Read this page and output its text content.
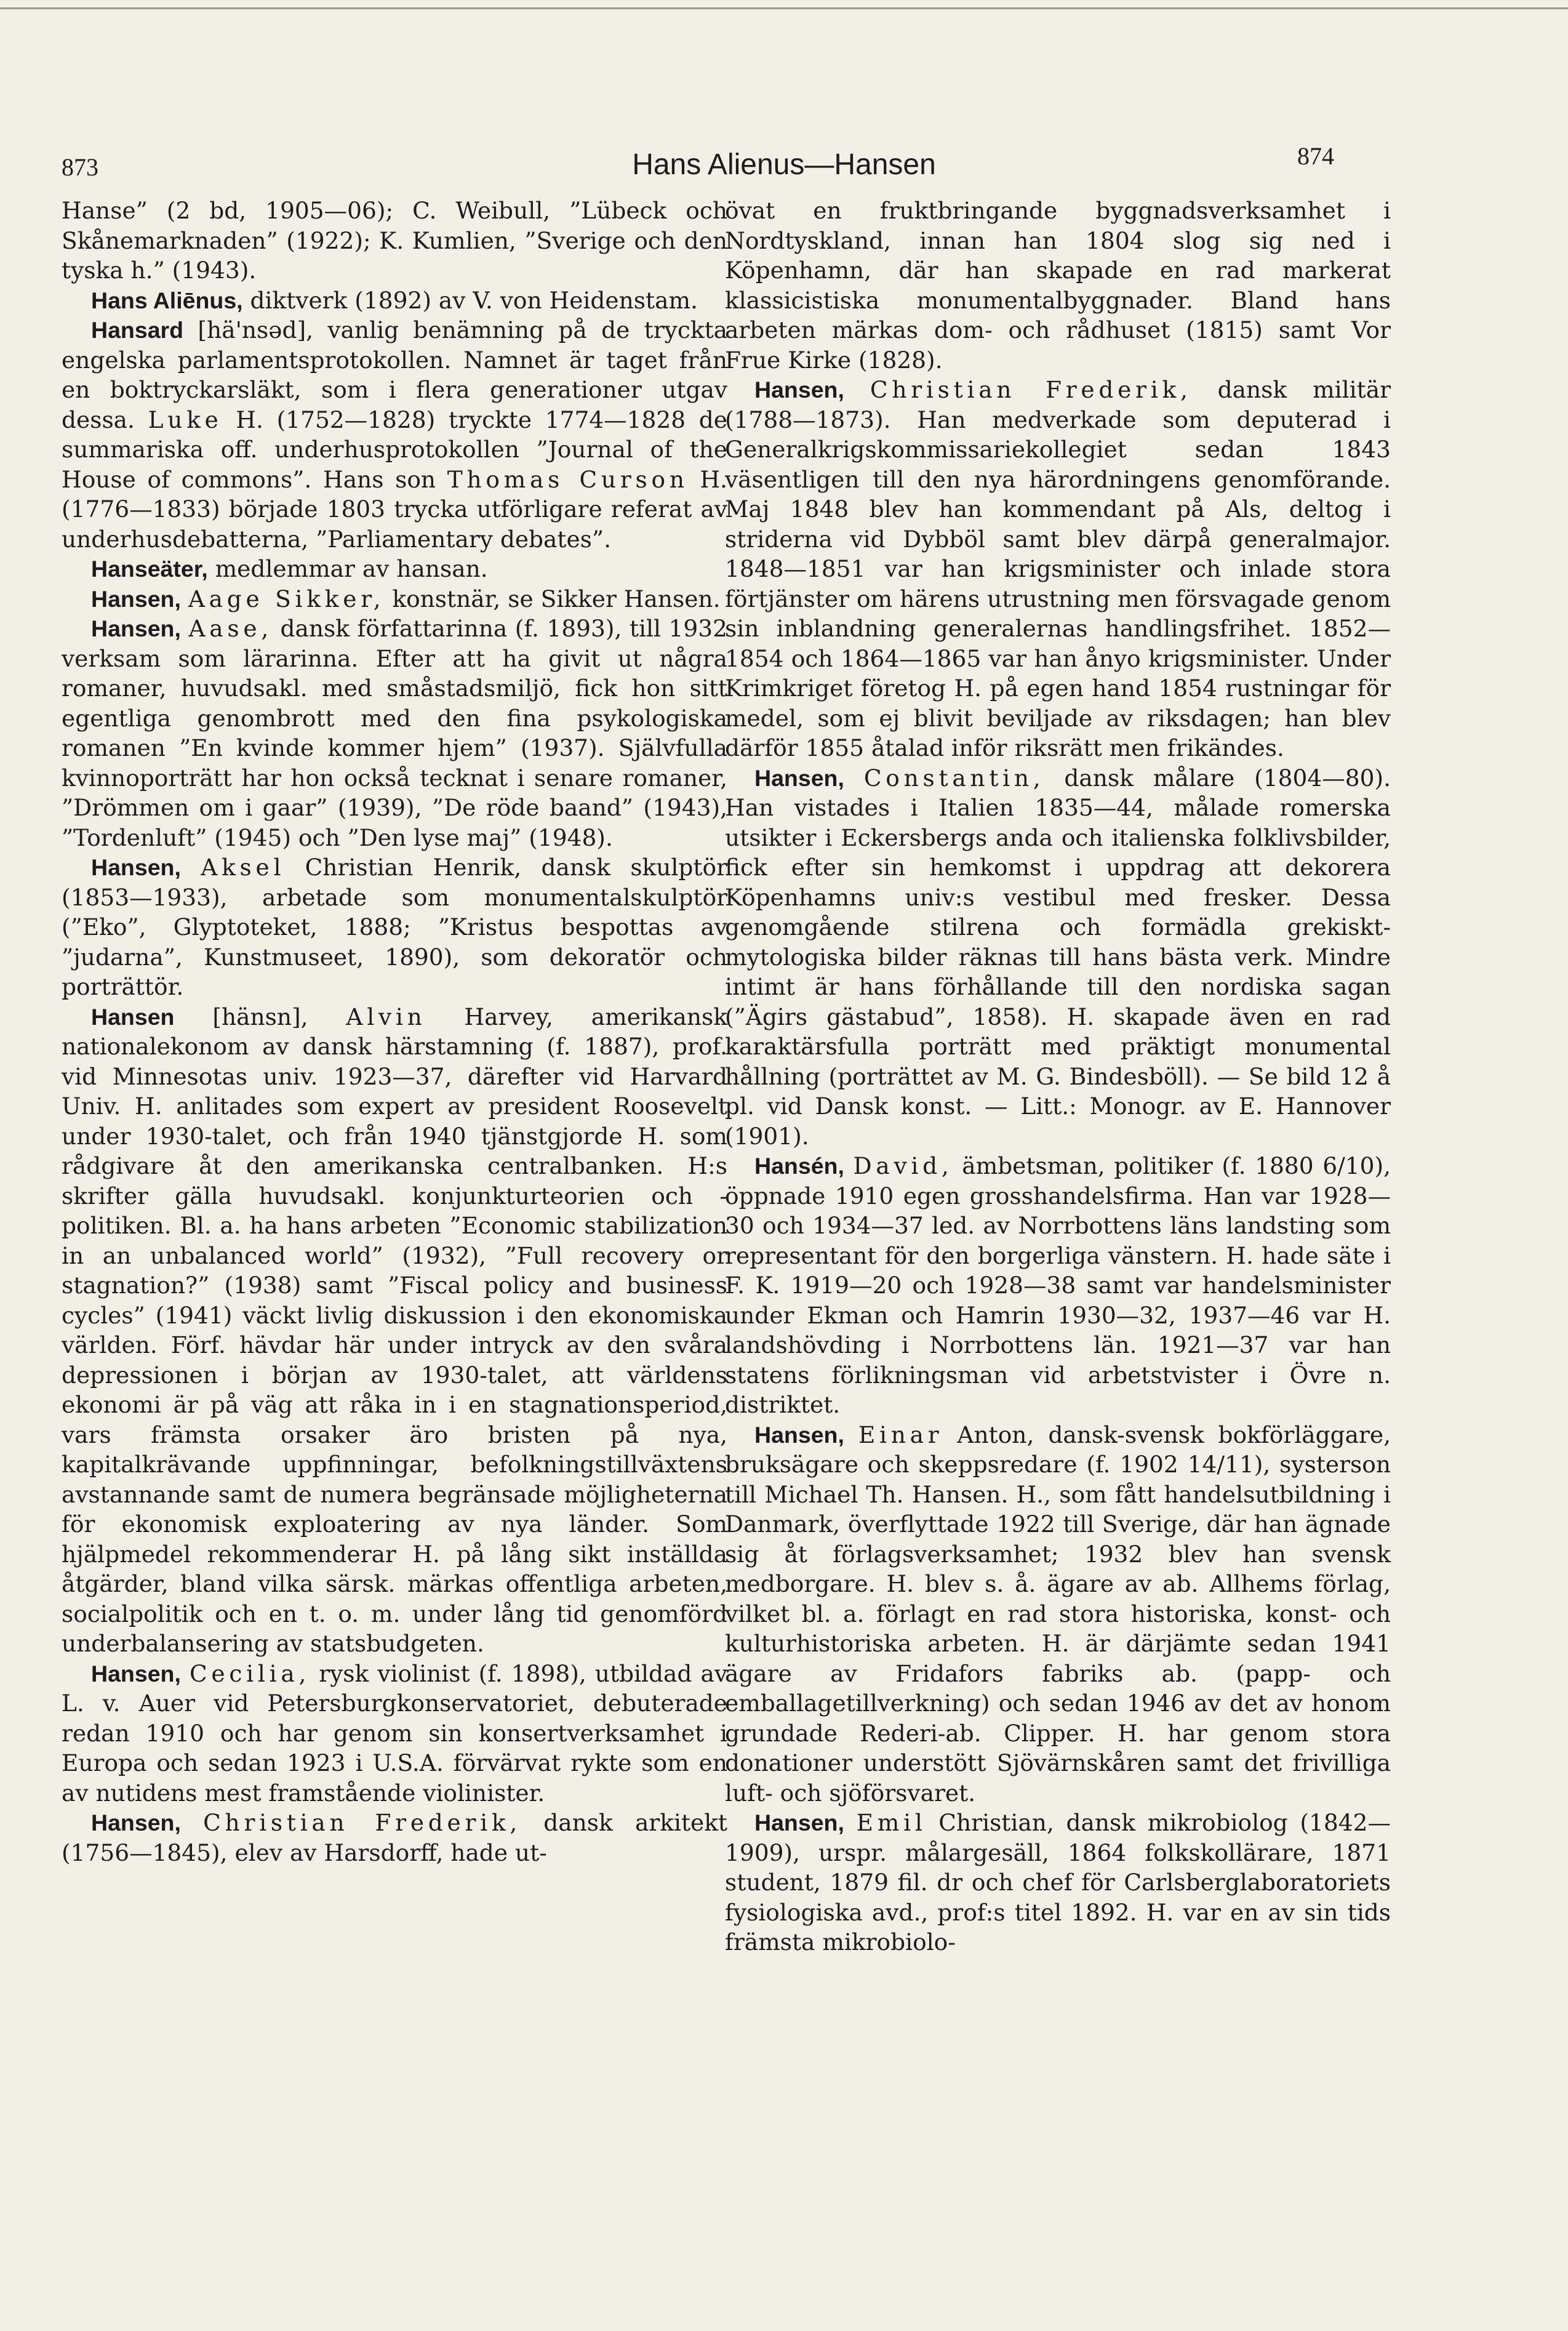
873	Hans Alienus—Hansen	874

Hanse” (2 bd, 1905—06); C. Weibull, ”Lübeck och Skånemarknaden” (1922); K. Kumlien, ”Sverige och den tyska h.” (1943).

Hans Aliēnus, diktverk (1892) av V. von Heidenstam.

Hansard [hä'nsəd], vanlig benämning på de tryckta engelska parlamentsprotokollen. Namnet är taget från en boktryckarsläkt, som i flera generationer utgav dessa. Luke H. (1752—1828) tryckte 1774—1828 de summariska off. underhusprotokollen ”Journal of the House of commons”. Hans son Thomas Curson H. (1776—1833) började 1803 trycka utförligare referat av underhusdebatterna, ”Parliamentary debates”.

Hanseäter, medlemmar av hansan.

Hansen, Aage Sikker, konstnär, se Sikker Hansen.

Hansen, Aase, dansk författarinna (f. 1893), till 1932 verksam som lärarinna. Efter att ha givit ut några romaner, huvudsakl. med småstadsmiljö, fick hon sitt egentliga genombrott med den fina psykologiska romanen ”En kvinde kommer hjem” (1937). Självfulla kvinnoporträtt har hon också tecknat i senare romaner, ”Drömmen om i gaar” (1939), ”De röde baand” (1943), ”Tordenluft” (1945) och ”Den lyse maj” (1948).

Hansen, Aksel Christian Henrik, dansk skulptör (1853—1933), arbetade som monumentalskulptör (”Eko”, Glyptoteket, 1888; ”Kristus bespottas av ”judarna”, Kunstmuseet, 1890), som dekoratör och porträttör.

Hansen [hänsn], Alvin Harvey, amerikansk nationalekonom av dansk härstamning (f. 1887), prof. vid Minnesotas univ. 1923—37, därefter vid Harvard Univ. H. anlitades som expert av president Roosevelt under 1930-talet, och från 1940 tjänstgjorde H. som rådgivare åt den amerikanska centralbanken. H:s skrifter gälla huvudsakl. konjunkturteorien och -politiken. Bl. a. ha hans arbeten ”Economic stabilization in an unbalanced world” (1932), ”Full recovery or stagnation?” (1938) samt ”Fiscal policy and business cycles” (1941) väckt livlig diskussion i den ekonomiska världen. Förf. hävdar här under intryck av den svåra depressionen i början av 1930-talet, att världens ekonomi är på väg att råka in i en stagnationsperiod, vars främsta orsaker äro bristen på nya, kapitalkrävande uppfinningar, befolkningstillväxtens avstannande samt de numera begränsade möjligheterna för ekonomisk exploatering av nya länder. Som hjälpmedel rekommenderar H. på lång sikt inställda åtgärder, bland vilka särsk. märkas offentliga arbeten, socialpolitik och en t. o. m. under lång tid genomförd underbalansering av statsbudgeten.

Hansen, Cecilia, rysk violinist (f. 1898), utbildad av L. v. Auer vid Petersburgkonservatoriet, debuterade redan 1910 och har genom sin konsertverksamhet i Europa och sedan 1923 i U.S.A. förvärvat rykte som en av nutidens mest framstående violinister.

Hansen, Christian Frederik, dansk arkitekt (1756—1845), elev av Harsdorff, hade ut-

övat en fruktbringande byggnadsverksamhet i Nordtyskland, innan han 1804 slog sig ned i Köpenhamn, där han skapade en rad markerat klassicistiska monumentalbyggnader. Bland hans arbeten märkas dom- och rådhuset (1815) samt Vor Frue Kirke (1828).

Hansen, Christian Frederik, dansk militär (1788—1873). Han medverkade som deputerad i Generalkrigskommissariekollegiet sedan 1843 väsentligen till den nya härordningens genomförande. Maj 1848 blev han kommendant på Als, deltog i striderna vid Dybböl samt blev därpå generalmajor. 1848—1851 var han krigsminister och inlade stora förtjänster om härens utrustning men försvagade genom sin inblandning generalernas handlingsfrihet. 1852—1854 och 1864—1865 var han ånyo krigsminister. Under Krimkriget företog H. på egen hand 1854 rustningar för medel, som ej blivit beviljade av riksdagen; han blev därför 1855 åtalad inför riksrätt men frikändes.

Hansen, Constantin, dansk målare (1804—80). Han vistades i Italien 1835—44, målade romerska utsikter i Eckersbergs anda och italienska folklivsbilder, fick efter sin hemkomst i uppdrag att dekorera Köpenhamns univ:s vestibul med fresker. Dessa genomgående stilrena och formädla grekiskt-mytologiska bilder räknas till hans bästa verk. Mindre intimt är hans förhållande till den nordiska sagan (”Ägirs gästabud”, 1858). H. skapade även en rad karaktärsfulla porträtt med präktigt monumental hållning (porträttet av M. G. Bindesböll). — Se bild 12 å pl. vid Dansk konst. — Litt.: Monogr. av E. Hannover (1901).

Hansén, David, ämbetsman, politiker (f. 1880 6/10), öppnade 1910 egen grosshandelsfirma. Han var 1928—30 och 1934—37 led. av Norrbottens läns landsting som representant för den borgerliga vänstern. H. hade säte i F. K. 1919—20 och 1928—38 samt var handelsminister under Ekman och Hamrin 1930—32, 1937—46 var H. landshövding i Norrbottens län. 1921—37 var han statens förlikningsman vid arbetstvister i Övre n. distriktet.

Hansen, Einar Anton, dansk-svensk bokförläggare, bruksägare och skeppsredare (f. 1902 14/11), systerson till Michael Th. Hansen. H., som fått handelsutbildning i Danmark, överflyttade 1922 till Sverige, där han ägnade sig åt förlagsverksamhet; 1932 blev han svensk medborgare. H. blev s. å. ägare av ab. Allhems förlag, vilket bl. a. förlagt en rad stora historiska, konst- och kulturhistoriska arbeten. H. är därjämte sedan 1941 ägare av Fridafors fabriks ab. (papp- och emballagetillverkning) och sedan 1946 av det av honom grundade Rederi-ab. Clipper. H. har genom stora donationer understött Sjövärnskåren samt det frivilliga luft- och sjöförsvaret.

Hansen, Emil Christian, dansk mikrobiolog (1842—1909), urspr. målargesäll, 1864 folkskollärare, 1871 student, 1879 fil. dr och chef för Carlsberglaboratoriets fysiologiska avd., prof:s titel 1892. H. var en av sin tids främsta mikrobiolo-
